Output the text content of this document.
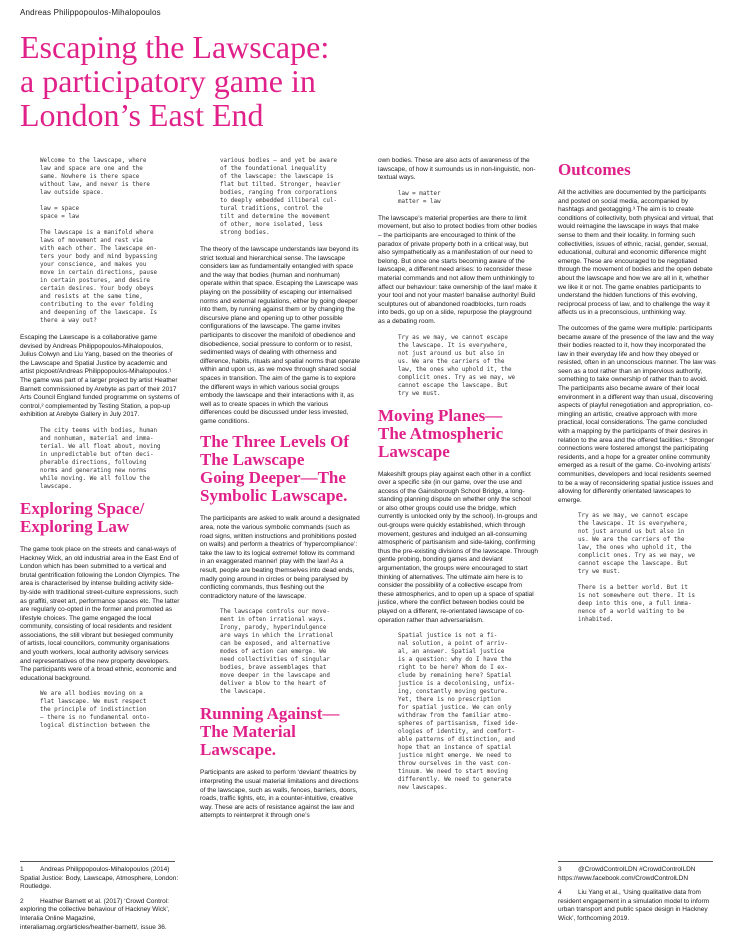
Andreas Philippopoulos-Mihalopoulos
Escaping the Lawscape:
a participatory game in
London’s East End
Welcome to the lawscape, where
law and space are one and the
same. Nowhere is there space
without law, and never is there
law outside space.

law = space
space = law

The lawscape is a manifold where
laws of movement and rest vie
with each other. The lawscape en-
ters your body and mind bypassing
your conscience, and makes you
move in certain directions, pause
in certain postures, and desire
certain desires. Your body obeys
and resists at the same time,
contributing to the ever folding
and deepening of the lawscape. Is
there a way out?

Escaping the Lawscape is a collaborative game devised by Andreas Philippopoulos-Mihalopoulos, Julius Colwyn and Liu Yang, based on the theories of the Lawscape and Spatial Justice by academic and artist picpoet/Andreas Philippopoulos-Mihalopoulos.¹ The game was part of a larger project by artist Heather Barnett commissioned by Arebyte as part of their 2017 Arts Council England funded programme on systems of control,² complemented by Testing Station, a pop-up exhibition at Arebyte Gallery in July 2017.

The city teems with bodies, human
and nonhuman, material and imma-
terial. We all float about, moving
in unpredictable but often deci-
pherable directions, following
norms and generating new norms
while moving. We all follow the
lawscape.
Exploring Space/
Exploring Law

The game took place on the streets and canal-ways of Hackney Wick, an old industrial area in the East End of London which has been submitted to a vertical and brutal gentrification following the London Olympics. The area is characterised by intense building activity side-by-side with traditional street-culture expressions, such as graffiti, street art, performance spaces etc. The latter are regularly co-opted in the former and promoted as lifestyle choices. The game engaged the local community, consisting of local residents and resident associations, the still vibrant but besieged community of artists, local councillors, community organisations and youth workers, local authority advisory services and representatives of the new property developers. The participants were of a broad ethnic, economic and educational background.

We are all bodies moving on a
flat lawscape. We must respect
the principle of indistinction
– there is no fundamental onto-
logical distinction between the
various bodies – and yet be aware
of the foundational inequality
of the lawscape: the lawscape is
flat but tilted. Stronger, heavier
bodies, ranging from corporations
to deeply embedded illiberal cul-
tural traditions, control the
tilt and determine the movement
of other, more isolated, less
strong bodies.

The theory of the lawscape understands law beyond its strict textual and hierarchical sense. The lawscape considers law as fundamentally entangled with space and the way that bodies (human and nonhuman) operate within that space. Escaping the Lawscape was playing on the possibility of escaping our internalised norms and external regulations, either by going deeper into them, by running against them or by changing the discursive plane and opening up to other possible configurations of the lawscape. The game invites participants to discover the manifold of obedience and disobedience, social pressure to conform or to resist, sedimented ways of dealing with otherness and difference, habits, rituals and spatial norms that operate within and upon us, as we move through shared social spaces in transition. The aim of the game is to explore the different ways in which various social groups embody the lawscape and their interactions with it, as well as to create spaces in which the various differences could be discussed under less invested, game conditions.

The Three Levels Of
The Lawscape
Going Deeper—The
Symbolic Lawscape.

The participants are asked to walk around a designated area, note the various symbolic commands (such as road signs, written instructions and prohibitions posted on walls) and perform a theatrics of ‘hypercompliance’: take the law to its logical extreme! follow its command in an exaggerated manner! play with the law! As a result, people are beating themselves into dead ends, madly going around in circles or being paralysed by conflicting commands, thus fleshing out the contradictory nature of the lawscape.

The lawscape controls our move-
ment in often irrational ways.
Irony, parody, hyperindulgence
are ways in which the irrational
can be exposed, and alternative
modes of action can emerge. We
need collectivities of singular
bodies, brave assemblages that
move deeper in the lawscape and
deliver a blow to the heart of
the lawscape.
Running Against—
The Material
Lawscape.

Participants are asked to perform ‘deviant’ theatrics by interpreting the usual material limitations and directions of the lawscape, such as walls, fences, barriers, doors, roads, traffic lights, etc, in a counter-intuitive, creative way. These are acts of resistance against the law and attempts to reinterpret it through one’s

own bodies. These are also acts of awareness of the lawscape, of how it surrounds us in non-linguistic, non-textual ways.

law = matter
matter = law

The lawscape’s material properties are there to limit movement, but also to protect bodies from other bodies – the participants are encouraged to think of the paradox of private property both in a critical way, but also sympathetically as a manifestation of our need to belong. But once one starts becoming aware of the lawscape, a different need arises: to reconsider these material commands and not allow them unthinkingly to affect our behaviour: take ownership of the law! make it your tool and not your master! banalise authority! Build sculptures out of abandoned roadblocks, turn roads into beds, go up on a slide, repurpose the playground as a debating room.

Try as we may, we cannot escape
the lawscape. It is everywhere,
not just around us but also in
us. We are the carriers of the
law, the ones who uphold it, the
complicit ones. Try as we may, we
cannot escape the lawscape. But
try we must.
Moving Planes—
The Atmospheric
Lawscape

Makeshift groups play against each other in a conflict over a specific site (in our game, over the use and access of the Gainsborough School Bridge, a long-standing planning dispute on whether only the school or also other groups could use the bridge, which currently is unlocked only by the school). In-groups and out-groups were quickly established, which through movement, gestures and indulged an all-consuming atmospheric of partisanism and side-taking, confirming thus the pre-existing divisions of the lawscape. Through gentle probing, bonding games and deviant argumentation, the groups were encouraged to start thinking of alternatives. The ultimate aim here is to consider the possibility of a collective escape from these atmospherics, and to open up a space of spatial justice, where the conflict between bodies could be played on a different, re-orientated lawscape of co-operation rather than adversarialism.

Spatial justice is not a fi-
nal solution, a point of arriv-
al, an answer. Spatial justice
is a question: why do I have the
right to be here? Whom do I ex-
clude by remaining here? Spatial
justice is a decolonising, unfix-
ing, constantly moving gesture.
Yet, there is no prescription
for spatial justice. We can only
withdraw from the familiar atmo-
spheres of partisanism, fixed ide-
ologies of identity, and comfort-
able patterns of distinction, and
hope that an instance of spatial
justice might emerge. We need to
throw ourselves in the vast con-
tinuum. We need to start moving
differently. We need to generate
new lawscapes.
Outcomes

All the activities are documented by the participants and posted on social media, accompanied by hashtags and geotagging.³ The aim is to create conditions of collectivity, both physical and virtual, that would reimagine the lawscape in ways that make sense to them and their locality. In forming such collectivities, issues of ethnic, racial, gender, sexual, educational, cultural and economic difference might emerge. These are encouraged to be negotiated through the movement of bodies and the open debate about the lawscape and how we are all in it, whether we like it or not. The game enables participants to understand the hidden functions of this evolving, reciprocal process of law, and to challenge the way it affects us in a preconscious, unthinking way.

The outcomes of the game were multiple: participants became aware of the presence of the law and the way their bodies reacted to it, how they incorporated the law in their everyday life and how they obeyed or resisted, often in an unconscious manner. The law was seen as a tool rather than an impervious authority, something to take ownership of rather than to avoid. The participants also became aware of their local environment in a different way than usual, discovering aspects of playful renegotiation and appropriation, co-mingling an artistic, creative approach with more practical, local considerations. The game concluded with a mapping by the participants of their desires in relation to the area and the offered facilities.⁴ Stronger connections were fostered amongst the participating residents, and a hope for a greater online community emerged as a result of the game. Co-involving artists’ communities, developers and local residents seemed to be a way of reconsidering spatial justice issues and allowing for differently orientated lawscapes to emerge.

Try as we may, we cannot escape
the lawscape. It is everywhere,
not just around us but also in
us. We are the carriers of the
law, the ones who uphold it, the
complicit ones. Try as we may, we
cannot escape the lawscape. But
try we must.

There is a better world. But it
is not somewhere out there. It is
deep into this one, a full imma-
nence of a world waiting to be
inhabited.

1	Andreas Philippopoulos-Mihalopoulos (2014) Spatial Justice: Body, Lawscape, Atmosphere, London: Routledge.

2	Heather Barnett et al. (2017) ‘Crowd Control: exploring the collective behaviour of Hackney Wick’, Interalia Online Magazine, interaliamag.org/articles/heather-barnett/, issue 36.

3	@CrowdControlLDN #CrowdControlLDN https://www.facebook.com/CrowdControlLDN

4	Liu Yang et al., ‘Using qualitative data from resident engagement in a simulation model to inform urban transport and public space design in Hackney Wick’, forthcoming 2019.
